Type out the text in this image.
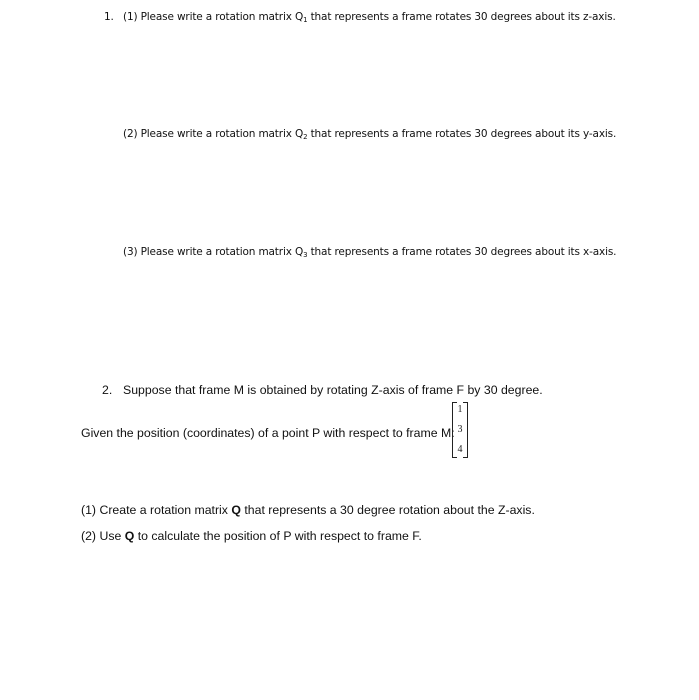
1. (1) Please write a rotation matrix $Q_1$ that represents a frame rotates 30 degrees about its z-axis.
(2) Please write a rotation matrix $Q_2$ that represents a frame rotates 30 degrees about its y-axis.
(3) Please write a rotation matrix $Q_3$ that represents a frame rotates 30 degrees about its x-axis.
2. Suppose that frame M is obtained by rotating Z-axis of frame F by 30 degree.
Given the position (coordinates) of a point P with respect to frame M:
1
3
4
(1) Create a rotation matrix Q that represents a 30 degree rotation about the Z-axis.
(2) Use Q to calculate the position of P with respect to frame F.
